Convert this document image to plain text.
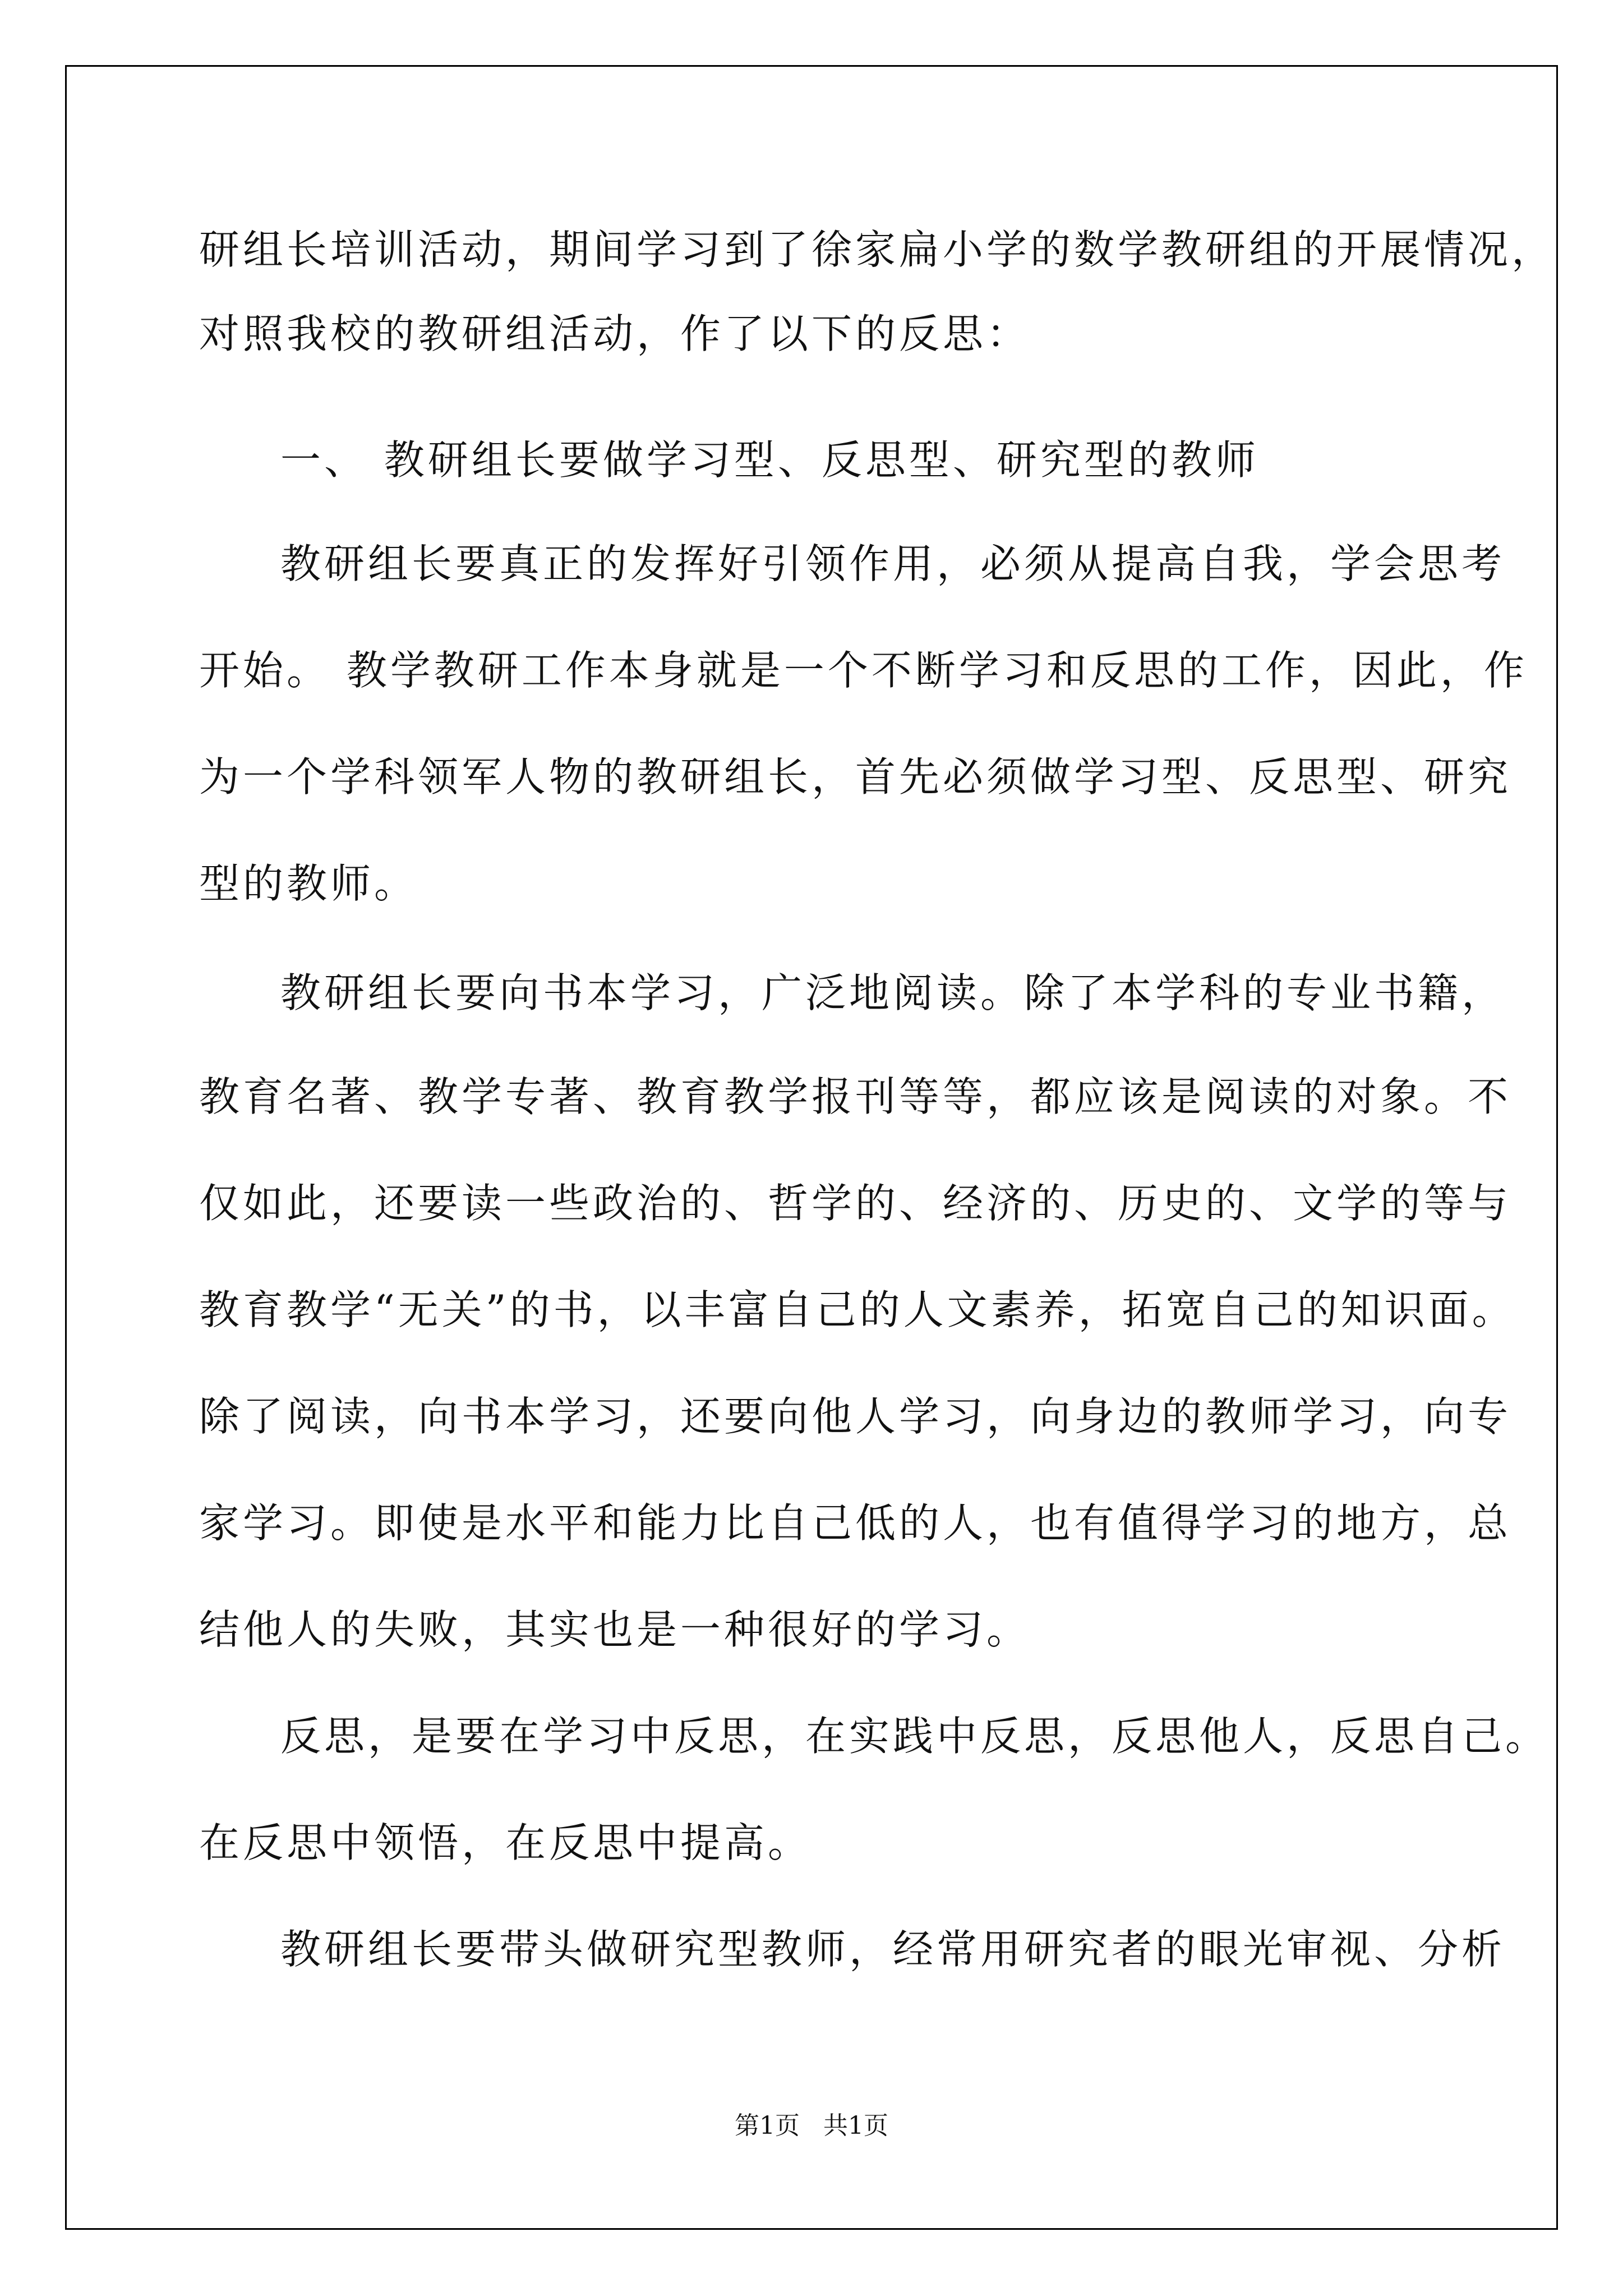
研组长培训活动，期间学习到了徐家扁小学的数学教研组的开展情况，
对照我校的教研组活动，作了以下的反思：
一、 教研组长要做学习型、反思型、研究型的教师
教研组长要真正的发挥好引领作用，必须从提高自我，学会思考
开始。 教学教研工作本身就是一个不断学习和反思的工作，因此，作
为一个学科领军人物的教研组长，首先必须做学习型、反思型、研究
型的教师。
教研组长要向书本学习，广泛地阅读。除了本学科的专业书籍，
教育名著、教学专著、教育教学报刊等等，都应该是阅读的对象。不
仅如此，还要读一些政治的、哲学的、经济的、历史的、文学的等与
教育教学“无关”的书，以丰富自己的人文素养，拓宽自己的知识面。
除了阅读，向书本学习，还要向他人学习，向身边的教师学习，向专
家学习。即使是水平和能力比自己低的人，也有值得学习的地方，总
结他人的失败，其实也是一种很好的学习。
反思，是要在学习中反思，在实践中反思，反思他人，反思自己。
在反思中领悟，在反思中提高。
教研组长要带头做研究型教师，经常用研究者的眼光审视、分析
第1页   共1页
